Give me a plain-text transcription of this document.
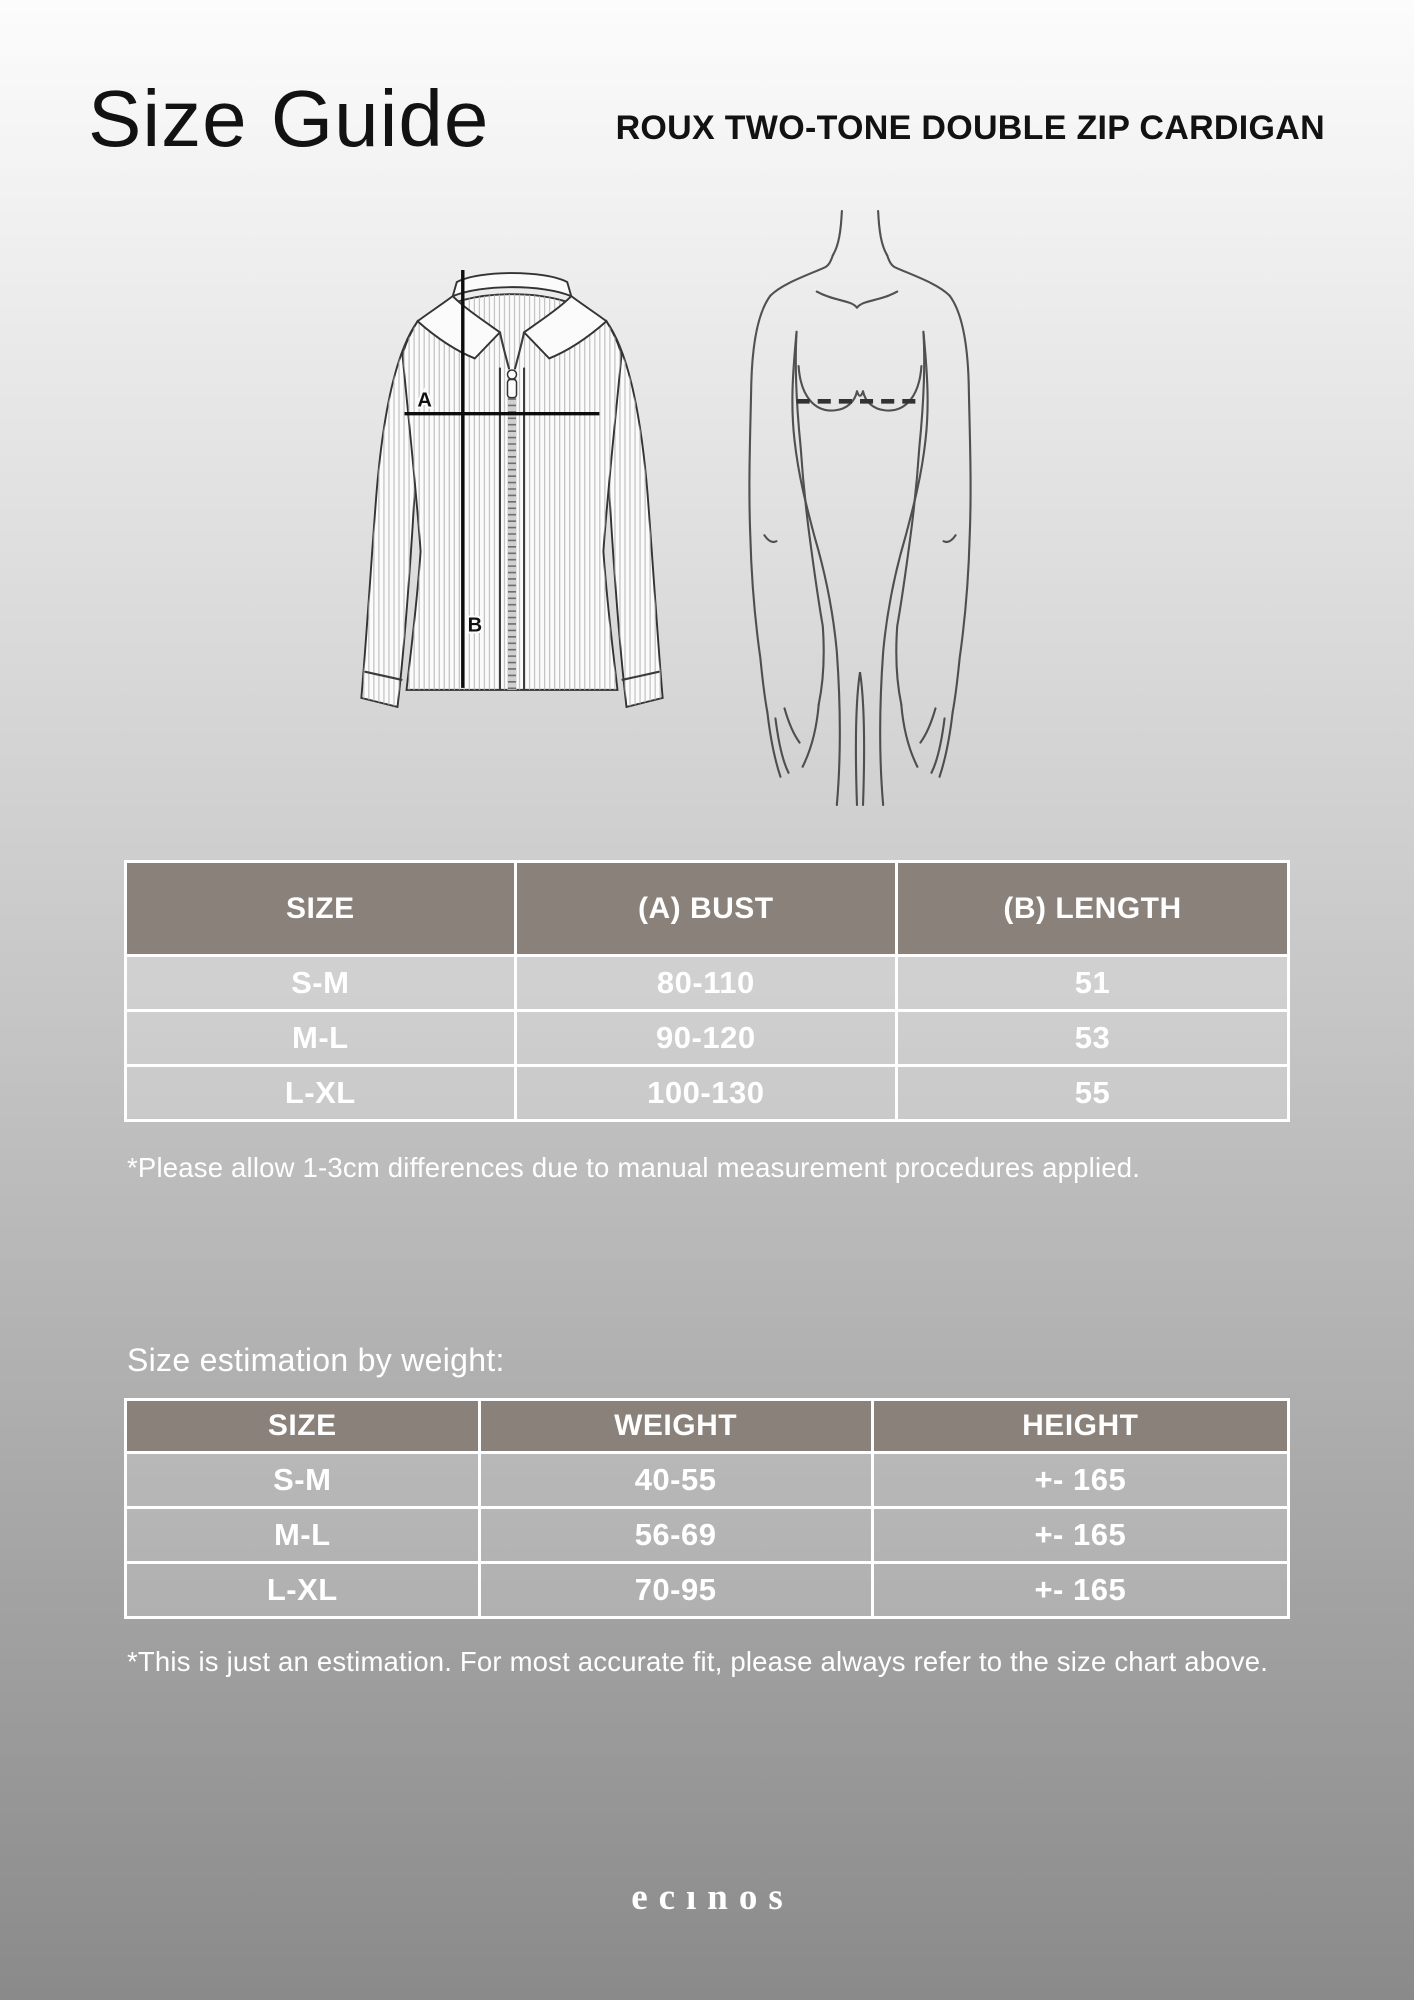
Size Guide	ROUX TWO-TONE DOUBLE ZIP CARDIGAN
A
B
SIZE	(A) BUST	(B) LENGTH
S-M	80-110	51
M-L	90-120	53
L-XL	100-130	55
*Please allow 1-3cm differences due to manual measurement procedures applied.
Size estimation by weight:
SIZE	WEIGHT	HEIGHT
S-M	40-55	+- 165
M-L	56-69	+- 165
L-XL	70-95	+- 165
*This is just an estimation. For most accurate fit, please always refer to the size chart above.
ecınos
